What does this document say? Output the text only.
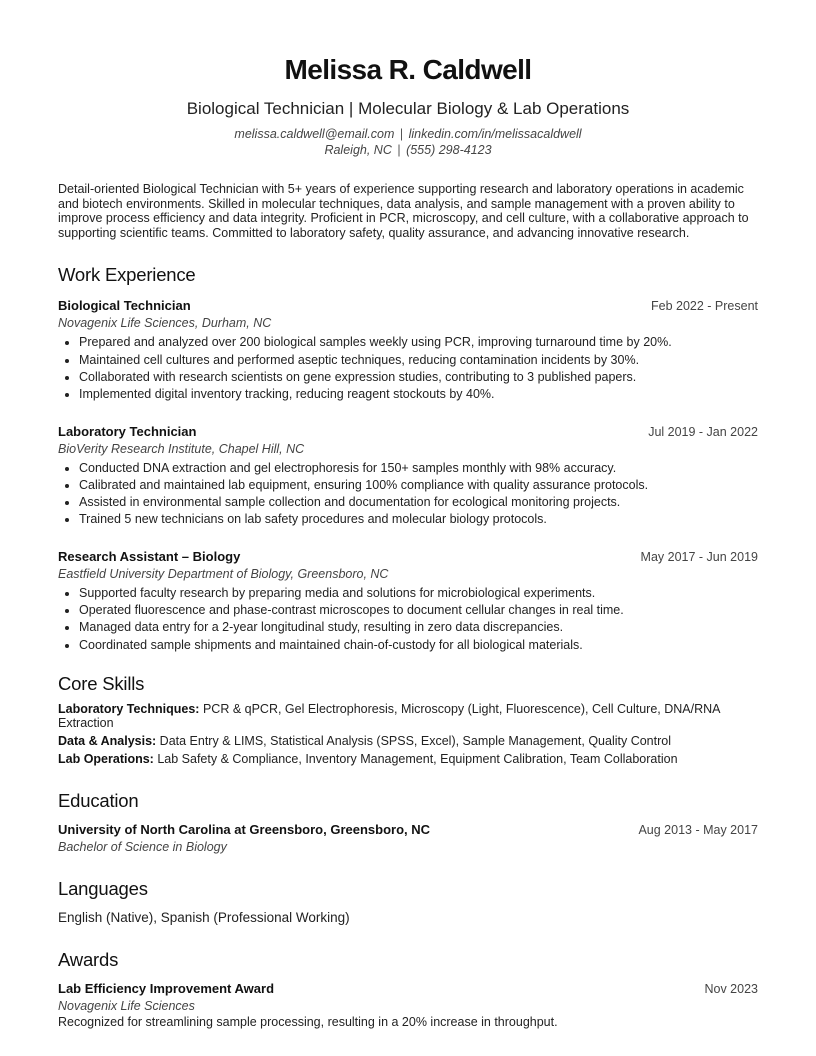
Melissa R. Caldwell
Biological Technician | Molecular Biology & Lab Operations
melissa.caldwell@email.com | linkedin.com/in/melissacaldwell
Raleigh, NC | (555) 298-4123
Detail-oriented Biological Technician with 5+ years of experience supporting research and laboratory operations in academic and biotech environments. Skilled in molecular techniques, data analysis, and sample management with a proven ability to improve process efficiency and data integrity. Proficient in PCR, microscopy, and cell culture, with a collaborative approach to supporting scientific teams. Committed to laboratory safety, quality assurance, and advancing innovative research.
Work Experience
Biological Technician	Feb 2022 - Present
Novagenix Life Sciences, Durham, NC
• Prepared and analyzed over 200 biological samples weekly using PCR, improving turnaround time by 20%.
• Maintained cell cultures and performed aseptic techniques, reducing contamination incidents by 30%.
• Collaborated with research scientists on gene expression studies, contributing to 3 published papers.
• Implemented digital inventory tracking, reducing reagent stockouts by 40%.
Laboratory Technician	Jul 2019 - Jan 2022
BioVerity Research Institute, Chapel Hill, NC
• Conducted DNA extraction and gel electrophoresis for 150+ samples monthly with 98% accuracy.
• Calibrated and maintained lab equipment, ensuring 100% compliance with quality assurance protocols.
• Assisted in environmental sample collection and documentation for ecological monitoring projects.
• Trained 5 new technicians on lab safety procedures and molecular biology protocols.
Research Assistant – Biology	May 2017 - Jun 2019
Eastfield University Department of Biology, Greensboro, NC
• Supported faculty research by preparing media and solutions for microbiological experiments.
• Operated fluorescence and phase-contrast microscopes to document cellular changes in real time.
• Managed data entry for a 2-year longitudinal study, resulting in zero data discrepancies.
• Coordinated sample shipments and maintained chain-of-custody for all biological materials.
Core Skills
Laboratory Techniques: PCR & qPCR, Gel Electrophoresis, Microscopy (Light, Fluorescence), Cell Culture, DNA/RNA Extraction
Data & Analysis: Data Entry & LIMS, Statistical Analysis (SPSS, Excel), Sample Management, Quality Control
Lab Operations: Lab Safety & Compliance, Inventory Management, Equipment Calibration, Team Collaboration
Education
University of North Carolina at Greensboro, Greensboro, NC	Aug 2013 - May 2017
Bachelor of Science in Biology
Languages
English (Native), Spanish (Professional Working)
Awards
Lab Efficiency Improvement Award	Nov 2023
Novagenix Life Sciences
Recognized for streamlining sample processing, resulting in a 20% increase in throughput.
